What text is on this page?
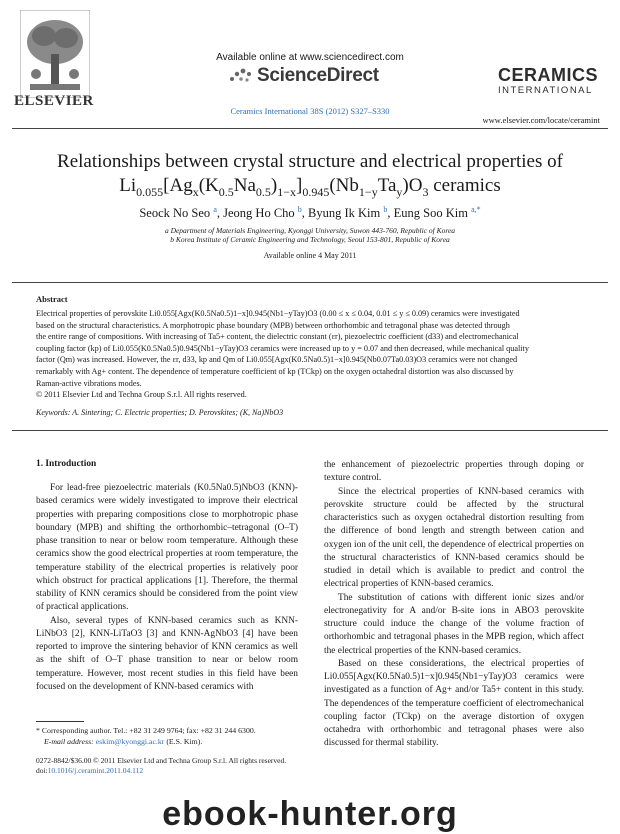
ELSEVIER
Available online at www.sciencedirect.com
ScienceDirect
Ceramics International 38S (2012) S327–S330
CERAMICS
INTERNATIONAL
www.elsevier.com/locate/ceramint
Relationships between crystal structure and electrical properties of
$Li_{0.055}[Ag_x(K_{0.5}Na_{0.5})_{1-x}]_{0.945}(Nb_{1-y}Ta_y)O_3$ ceramics
Seock No Seo $^a$, Jeong Ho Cho $^b$, Byung Ik Kim $^b$, Eung Soo Kim $^{a,*}$
a Department of Materials Engineering, Kyonggi University, Suwon 443-760, Republic of Korea
b Korea Institute of Ceramic Engineering and Technology, Seoul 153-801, Republic of Korea
Available online 4 May 2011
Abstract
Electrical properties of perovskite Li0.055[Agx(K0.5Na0.5)1−x]0.945(Nb1−yTay)O3 (0.00 ≤ x ≤ 0.04, 0.01 ≤ y ≤ 0.09) ceramics were investigated
based on the structural characteristics. A morphotropic phase boundary (MPB) between orthorhombic and tetragonal phase was detected through
the entire range of compositions. With increasing of Ta5+ content, the dielectric constant (εr), piezoelectric coefficient (d33) and electromechanical
coupling factor (kp) of Li0.055(K0.5Na0.5)0.945(Nb1−yTay)O3 ceramics were increased up to y = 0.07 and then decreased, while mechanical quality
factor (Qm) was increased. However, the εr, d33, kp and Qm of Li0.055[Agx(K0.5Na0.5)1−x]0.945(Nb0.07Ta0.03)O3 ceramics were not changed
remarkably with Ag+ content. The dependence of temperature coefficient of kp (TCkp) on the oxygen octahedral distortion was also discussed by
Raman-active vibrations modes.
© 2011 Elsevier Ltd and Techna Group S.r.l. All rights reserved.
Keywords: A. Sintering; C. Electric properties; D. Perovskites; (K, Na)NbO3
1. Introduction

For lead-free piezoelectric materials (K0.5Na0.5)NbO3 (KNN)-based ceramics were widely investigated to improve their electrical properties with preparing compositions close to morphotropic phase boundary (MPB) and shifting the orthorhombic–tetragonal (O–T) phase transition to near or below room temperature. Although these ceramics show the good electrical properties at room temperature, the temperature stability of the electrical properties is relatively poor which obstruct for practical applications [1]. Therefore, the thermal stability of KNN ceramics should be considered from the point view of practical applications.

Also, several types of KNN-based ceramics such as KNN-LiNbO3 [2], KNN-LiTaO3 [3] and KNN-AgNbO3 [4] have been reported to improve the sintering behavior of KNN ceramics as well as the shift of O–T phase transition to near or below room temperature. However, most recent studies in this field have been focused on the development of KNN-based ceramics with

the enhancement of piezoelectric properties through doping or texture control.

Since the electrical properties of KNN-based ceramics with perovskite structure could be affected by the structural characteristics such as oxygen octahedral distortion resulting from the difference of bond length and strength between cation and oxygen ion of the unit cell, the dependence of electrical properties on the structural characteristics of KNN-based ceramics should be studied in detail which is available to predict and control the electrical properties of KNN-based ceramics.

The substitution of cations with different ionic sizes and/or electronegativity for A and/or B-site ions in ABO3 perovskite structure could induce the change of the volume fraction of orthorhombic and tetragonal phases in the MPB region, which affect the electrical properties of the KNN-based ceramics.

Based on these considerations, the electrical properties of Li0.055[Agx(K0.5Na0.5)1−x]0.945(Nb1−yTay)O3 ceramics were investigated as a function of Ag+ and/or Ta5+ content in this study. The dependences of the temperature coefficient of electromechanical coupling factor (TCkp) on the average distortion of oxygen octahedra with orthorhombic and tetragonal phases were also discussed for thermal stability.

* Corresponding author. Tel.: +82 31 249 9764; fax: +82 31 244 6300.
E-mail address: eskim@kyonggi.ac.kr (E.S. Kim).
0272-8842/$36.00 © 2011 Elsevier Ltd and Techna Group S.r.l. All rights reserved.
doi:10.1016/j.ceramint.2011.04.112
ebook-hunter.org
